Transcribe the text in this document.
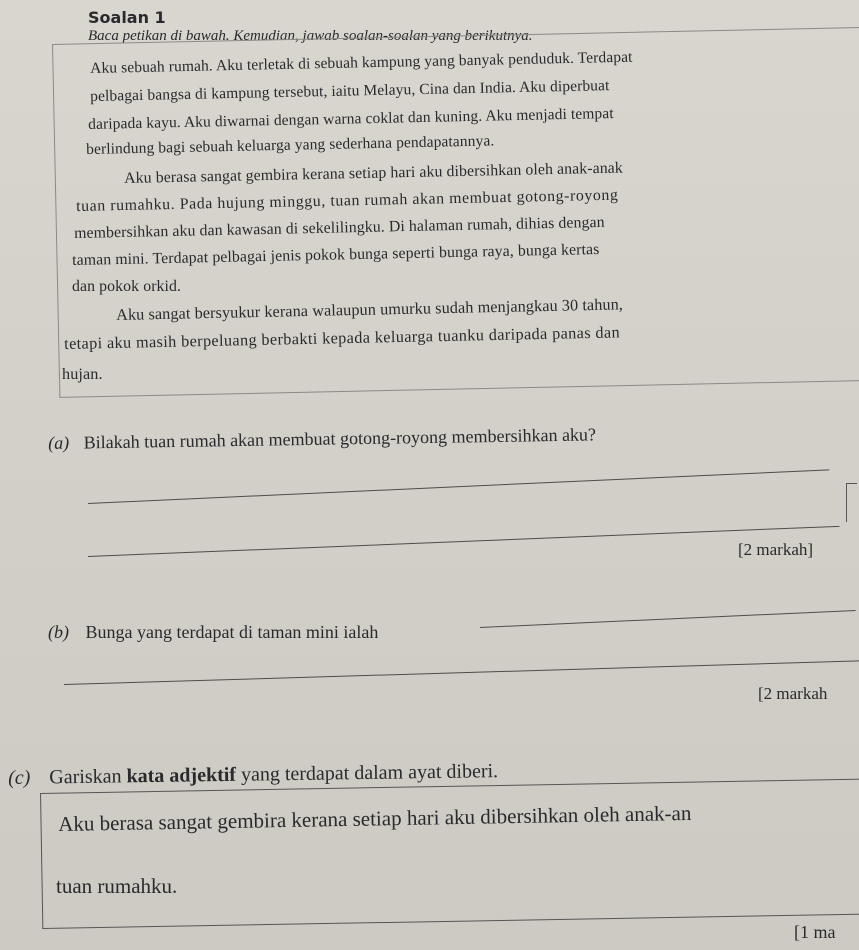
Soalan 1
Baca petikan di bawah. Kemudian, jawab soalan-soalan yang berikutnya.
Aku sebuah rumah. Aku terletak di sebuah kampung yang banyak penduduk. Terdapat
pelbagai bangsa di kampung tersebut, iaitu Melayu, Cina dan India. Aku diperbuat
daripada kayu. Aku diwarnai dengan warna coklat dan kuning. Aku menjadi tempat
berlindung bagi sebuah keluarga yang sederhana pendapatannya.
Aku berasa sangat gembira kerana setiap hari aku dibersihkan oleh anak-anak
tuan rumahku. Pada hujung minggu, tuan rumah akan membuat gotong-royong
membersihkan aku dan kawasan di sekelilingku. Di halaman rumah, dihias dengan
taman mini. Terdapat pelbagai jenis pokok bunga seperti bunga raya, bunga kertas
dan pokok orkid.
Aku sangat bersyukur kerana walaupun umurku sudah menjangkau 30 tahun,
tetapi aku masih berpeluang berbakti kepada keluarga tuanku daripada panas dan
hujan.
(a) Bilakah tuan rumah akan membuat gotong-royong membersihkan aku?
[2 markah]
(b) Bunga yang terdapat di taman mini ialah
[2 markah
(c) Gariskan kata adjektif yang terdapat dalam ayat diberi.
Aku berasa sangat gembira kerana setiap hari aku dibersihkan oleh anak-an
tuan rumahku.
[1 ma
